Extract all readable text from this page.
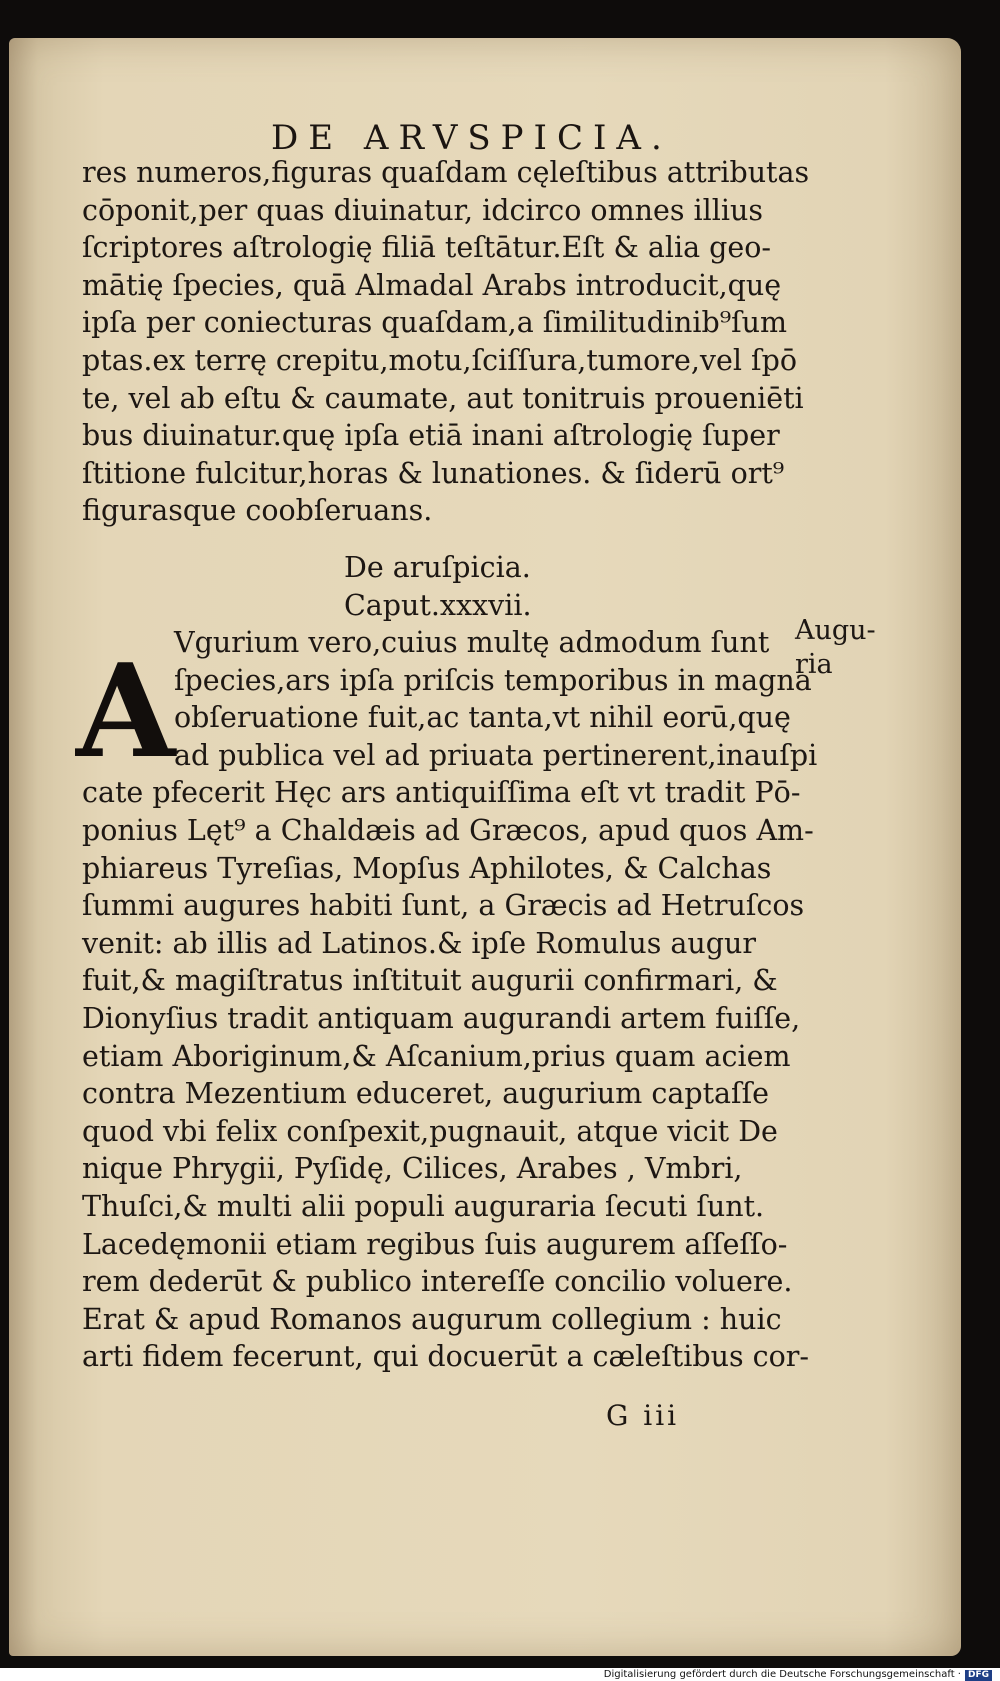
DE ARVSPICIA.
res numeros,figuras quaſdam cęleſtibus attributas
cōponit,per quas diuinatur, idcirco omnes illius
ſcriptores aſtrologię filiā teſtātur.Eſt & alia geo-
mātię ſpecies, quā Almadal Arabs introducit,quę
ipſa per coniecturas quaſdam,a ſimilitudinib⁹ſum
ptas.ex terrę crepitu,motu,ſciſſura,tumore,vel ſpō
te, vel ab eſtu & caumate, aut tonitruis proueniēti
bus diuinatur.quę ipſa etiā inani aſtrologię ſuper
ſtitione fulcitur,horas & lunationes. & ſiderū ort⁹
figurasque coobſeruans.
De aruſpicia.
Caput.xxxvii.
A
Vgurium vero,cuius multę admodum ſunt
ſpecies,ars ipſa priſcis temporibus in magna
obſeruatione fuit,ac tanta,vt nihil eorū,quę
ad publica vel ad priuata pertinerent,inauſpi
cate pfecerit Hęc ars antiquiſſima eſt vt tradit Pō-
ponius Lęt⁹ a Chaldæis ad Græcos, apud quos Am-
phiareus Tyreſias, Mopſus Aphilotes, & Calchas
ſummi augures habiti ſunt, a Græcis ad Hetruſcos
venit: ab illis ad Latinos.& ipſe Romulus augur
fuit,& magiſtratus inſtituit augurii confirmari, &
Dionyſius tradit antiquam augurandi artem fuiſſe,
etiam Aboriginum,& Aſcanium,prius quam aciem
contra Mezentium educeret, augurium captaſſe
quod vbi felix conſpexit,pugnauit, atque vicit De
nique Phrygii, Pyſidę, Cilices, Arabes , Vmbri,
Thuſci,& multi alii populi auguraria ſecuti ſunt.
Lacedęmonii etiam regibus ſuis augurem aſſeſſo-
rem dederūt & publico intereſſe concilio voluere.
Erat & apud Romanos augurum collegium : huic
arti fidem fecerunt, qui docuerūt a cæleſtibus cor-
Augu-
ria
G iii
Digitalisierung gefördert durch die Deutsche Forschungsgemeinschaft · DFG
